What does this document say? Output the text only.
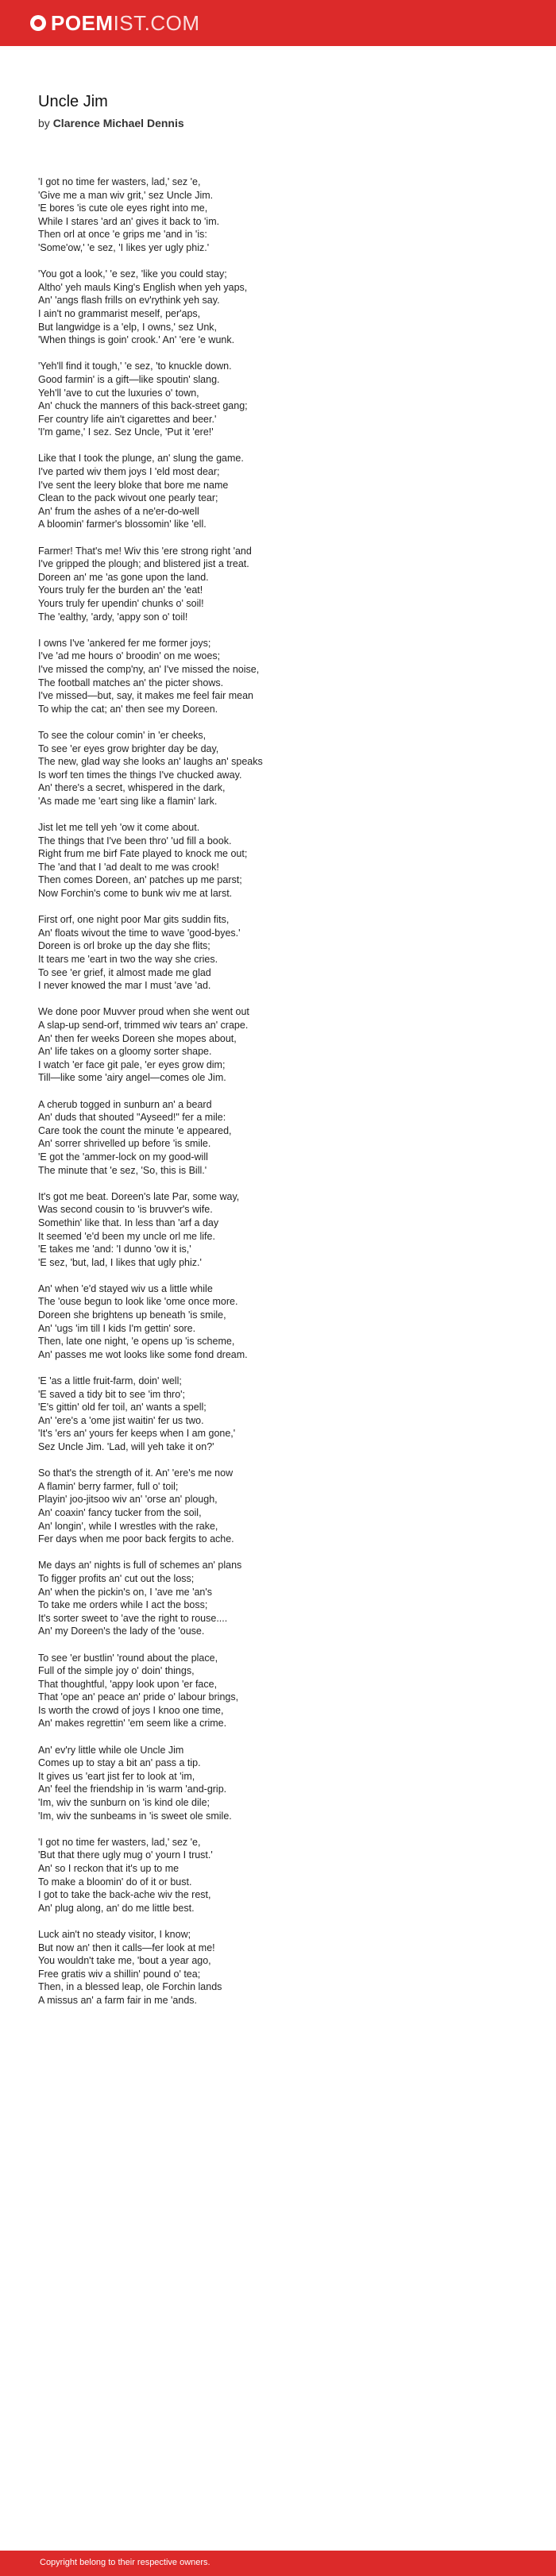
POEMIST.COM
Uncle Jim
by Clarence Michael Dennis
'I got no time fer wasters, lad,' sez 'e,
'Give me a man wiv grit,' sez Uncle Jim.
'E bores 'is cute ole eyes right into me,
While I stares 'ard an' gives it back to 'im.
Then orl at once 'e grips me 'and in 'is:
'Some'ow,' 'e sez, 'I likes yer ugly phiz.'
'You got a look,' 'e sez, 'like you could stay;
Altho' yeh mauls King's English when yeh yaps,
An' 'angs flash frills on ev'rythink yeh say.
I ain't no grammarist meself, per'aps,
But langwidge is a 'elp, I owns,' sez Unk,
'When things is goin' crook.' An' 'ere 'e wunk.
'Yeh'll find it tough,' 'e sez, 'to knuckle down.
Good farmin' is a gift—like spoutin' slang.
Yeh'll 'ave to cut the luxuries o' town,
An' chuck the manners of this back-street gang;
Fer country life ain't cigarettes and beer.'
'I'm game,' I sez. Sez Uncle, 'Put it 'ere!'
Like that I took the plunge, an' slung the game.
I've parted wiv them joys I 'eld most dear;
I've sent the leery bloke that bore me name
Clean to the pack wivout one pearly tear;
An' frum the ashes of a ne'er-do-well
A bloomin' farmer's blossomin' like 'ell.
Farmer! That's me! Wiv this 'ere strong right 'and
I've gripped the plough; and blistered jist a treat.
Doreen an' me 'as gone upon the land.
Yours truly fer the burden an' the 'eat!
Yours truly fer upendin' chunks o' soil!
The 'ealthy, 'ardy, 'appy son o' toil!
I owns I've 'ankered fer me former joys;
I've 'ad me hours o' broodin' on me woes;
I've missed the comp'ny, an' I've missed the noise,
The football matches an' the picter shows.
I've missed—but, say, it makes me feel fair mean
To whip the cat; an' then see my Doreen.
To see the colour comin' in 'er cheeks,
To see 'er eyes grow brighter day be day,
The new, glad way she looks an' laughs an' speaks
Is worf ten times the things I've chucked away.
An' there's a secret, whispered in the dark,
'As made me 'eart sing like a flamin' lark.
Jist let me tell yeh 'ow it come about.
The things that I've been thro' 'ud fill a book.
Right frum me birf Fate played to knock me out;
The 'and that I 'ad dealt to me was crook!
Then comes Doreen, an' patches up me parst;
Now Forchin's come to bunk wiv me at larst.
First orf, one night poor Mar gits suddin fits,
An' floats wivout the time to wave 'good-byes.'
Doreen is orl broke up the day she flits;
It tears me 'eart in two the way she cries.
To see 'er grief, it almost made me glad
I never knowed the mar I must 'ave 'ad.
We done poor Muvver proud when she went out
A slap-up send-orf, trimmed wiv tears an' crape.
An' then fer weeks Doreen she mopes about,
An' life takes on a gloomy sorter shape.
I watch 'er face git pale, 'er eyes grow dim;
Till—like some 'airy angel—comes ole Jim.
A cherub togged in sunburn an' a beard
An' duds that shouted "Ayseed!" fer a mile:
Care took the count the minute 'e appeared,
An' sorrer shrivelled up before 'is smile.
'E got the 'ammer-lock on my good-will
The minute that 'e sez, 'So, this is Bill.'
It's got me beat. Doreen's late Par, some way,
Was second cousin to 'is bruvver's wife.
Somethin' like that. In less than 'arf a day
It seemed 'e'd been my uncle orl me life.
'E takes me 'and: 'I dunno 'ow it is,'
'E sez, 'but, lad, I likes that ugly phiz.'
An' when 'e'd stayed wiv us a little while
The 'ouse begun to look like 'ome once more.
Doreen she brightens up beneath 'is smile,
An' 'ugs 'im till I kids I'm gettin' sore.
Then, late one night, 'e opens up 'is scheme,
An' passes me wot looks like some fond dream.
'E 'as a little fruit-farm, doin' well;
'E saved a tidy bit to see 'im thro';
'E's gittin' old fer toil, an' wants a spell;
An' 'ere's a 'ome jist waitin' fer us two.
'It's 'ers an' yours fer keeps when I am gone,'
Sez Uncle Jim. 'Lad, will yeh take it on?'
So that's the strength of it. An' 'ere's me now
A flamin' berry farmer, full o' toil;
Playin' joo-jitsoo wiv an' 'orse an' plough,
An' coaxin' fancy tucker from the soil,
An' longin', while I wrestles with the rake,
Fer days when me poor back fergits to ache.
Me days an' nights is full of schemes an' plans
To figger profits an' cut out the loss;
An' when the pickin's on, I 'ave me 'an's
To take me orders while I act the boss;
It's sorter sweet to 'ave the right to rouse....
An' my Doreen's the lady of the 'ouse.
To see 'er bustlin' 'round about the place,
Full of the simple joy o' doin' things,
That thoughtful, 'appy look upon 'er face,
That 'ope an' peace an' pride o' labour brings,
Is worth the crowd of joys I knoo one time,
An' makes regrettin' 'em seem like a crime.
An' ev'ry little while ole Uncle Jim
Comes up to stay a bit an' pass a tip.
It gives us 'eart jist fer to look at 'im,
An' feel the friendship in 'is warm 'and-grip.
'Im, wiv the sunburn on 'is kind ole dile;
'Im, wiv the sunbeams in 'is sweet ole smile.
'I got no time fer wasters, lad,' sez 'e,
'But that there ugly mug o' yourn I trust.'
An' so I reckon that it's up to me
To make a bloomin' do of it or bust.
I got to take the back-ache wiv the rest,
An' plug along, an' do me little best.
Luck ain't no steady visitor, I know;
But now an' then it calls—fer look at me!
You wouldn't take me, 'bout a year ago,
Free gratis wiv a shillin' pound o' tea;
Then, in a blessed leap, ole Forchin lands
A missus an' a farm fair in me 'ands.
Copyright belong to their respective owners.
